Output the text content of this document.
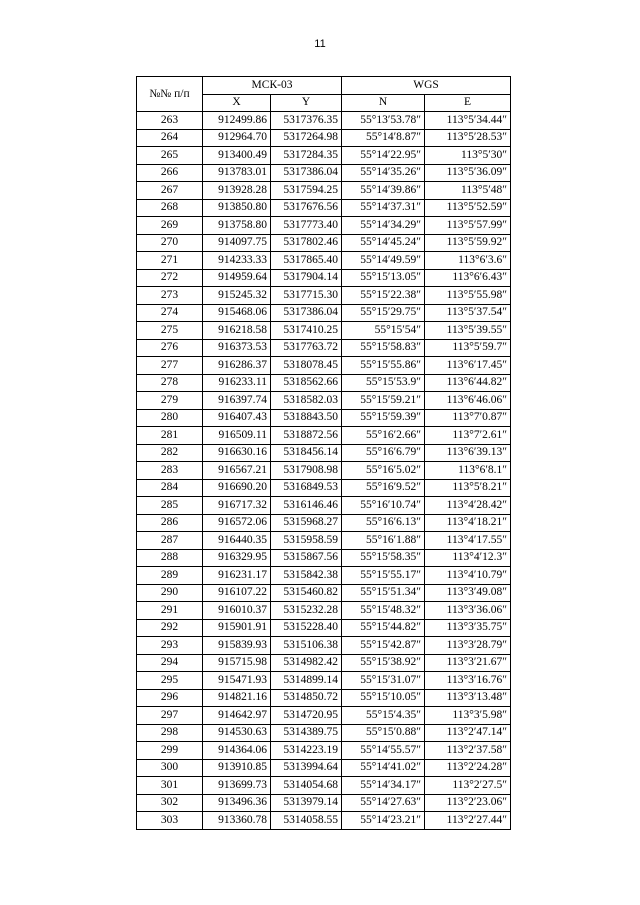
11
№№ п/п	МСК-03		WGS	
	X	Y	N	E
263	912499.86	5317376.35	55°13′53.78″	113°5′34.44″
264	912964.70	5317264.98	55°14′8.87″	113°5′28.53″
265	913400.49	5317284.35	55°14′22.95″	113°5′30″
266	913783.01	5317386.04	55°14′35.26″	113°5′36.09″
267	913928.28	5317594.25	55°14′39.86″	113°5′48″
268	913850.80	5317676.56	55°14′37.31″	113°5′52.59″
269	913758.80	5317773.40	55°14′34.29″	113°5′57.99″
270	914097.75	5317802.46	55°14′45.24″	113°5′59.92″
271	914233.33	5317865.40	55°14′49.59″	113°6′3.6″
272	914959.64	5317904.14	55°15′13.05″	113°6′6.43″
273	915245.32	5317715.30	55°15′22.38″	113°5′55.98″
274	915468.06	5317386.04	55°15′29.75″	113°5′37.54″
275	916218.58	5317410.25	55°15′54″	113°5′39.55″
276	916373.53	5317763.72	55°15′58.83″	113°5′59.7″
277	916286.37	5318078.45	55°15′55.86″	113°6′17.45″
278	916233.11	5318562.66	55°15′53.9″	113°6′44.82″
279	916397.74	5318582.03	55°15′59.21″	113°6′46.06″
280	916407.43	5318843.50	55°15′59.39″	113°7′0.87″
281	916509.11	5318872.56	55°16′2.66″	113°7′2.61″
282	916630.16	5318456.14	55°16′6.79″	113°6′39.13″
283	916567.21	5317908.98	55°16′5.02″	113°6′8.1″
284	916690.20	5316849.53	55°16′9.52″	113°5′8.21″
285	916717.32	5316146.46	55°16′10.74″	113°4′28.42″
286	916572.06	5315968.27	55°16′6.13″	113°4′18.21″
287	916440.35	5315958.59	55°16′1.88″	113°4′17.55″
288	916329.95	5315867.56	55°15′58.35″	113°4′12.3″
289	916231.17	5315842.38	55°15′55.17″	113°4′10.79″
290	916107.22	5315460.82	55°15′51.34″	113°3′49.08″
291	916010.37	5315232.28	55°15′48.32″	113°3′36.06″
292	915901.91	5315228.40	55°15′44.82″	113°3′35.75″
293	915839.93	5315106.38	55°15′42.87″	113°3′28.79″
294	915715.98	5314982.42	55°15′38.92″	113°3′21.67″
295	915471.93	5314899.14	55°15′31.07″	113°3′16.76″
296	914821.16	5314850.72	55°15′10.05″	113°3′13.48″
297	914642.97	5314720.95	55°15′4.35″	113°3′5.98″
298	914530.63	5314389.75	55°15′0.88″	113°2′47.14″
299	914364.06	5314223.19	55°14′55.57″	113°2′37.58″
300	913910.85	5313994.64	55°14′41.02″	113°2′24.28″
301	913699.73	5314054.68	55°14′34.17″	113°2′27.5″
302	913496.36	5313979.14	55°14′27.63″	113°2′23.06″
303	913360.78	5314058.55	55°14′23.21″	113°2′27.44″
